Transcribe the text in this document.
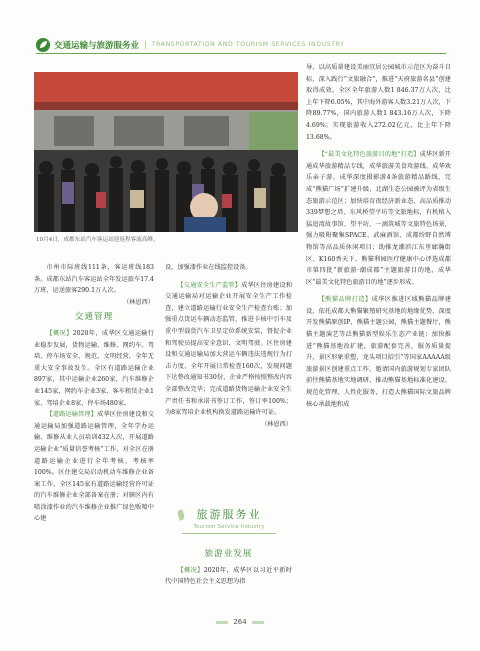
交通运输与旅游服务业 | TRANSPORTATION AND TOURISM SERVICES INDUSTRY
10月4日，成都东站汽车客运站迎返程客流高峰。

市州市际班线111条，客运班线183条。成都东站汽车客运站全年发运旅车17.4万班，运送旅客290.1万人次。

（林恩西）

交通管理

【概况】2020年，成华区交通运输行业稳步发展，货物运输、维修、网约车、驾培、停车场安全、规范、文明经营，全年无重大安全事故发生。全区有道路运输企业897家，其中运输企业260家，汽车维修企业145家，网约车企业3家、客车租赁企业1家、驾培企业8家，停车场480家。

【道路运输管理】成华区住房建设和交通运输局加强道路运输管理，全年学办运输、维修从业人员培训432人次，开展道路运输企业“质量信誉考核”工作，对全区在册道路运输企业进行全年考核，考核率100%。区住建交局启动机动车维修企业备案工作，全区145家有道路运输经营许可证的汽车维修企业全部备案在册；对辖区内有喷涂漆作业的汽车维修企业推广绿色贩喷中心建

设，加强漆作业在线监控设备。

【交通安全生产监管】成华区住房建设和交通运输局对运输企业开展安全生产工作检查，建立道路运输行业安全生产检查台账；加强重点货运车辆动态监管，推进卡核中引车及重中型载货汽车卫星定位系统安装，督促企业和驾驶员提高安全意识、文明驾驶。区住房建设和交通运输局加大营运车辆违法违规行为打击力度，全年开展日常检查160次，发现问题下达整改通知书30份，企业严格按照整改内容全部整改完毕；完成道路货物运输企业安全生产责任书和承诺书签订工作，签订率100%；为8家驾培企业机构换发道路运输许可证。

（林恩西）

旅游服务业
Tourism Service Industry
旅游业发展

【概况】2020年，成华区以习近平新时代中国特色社会主义思想为指

导，以高质量建设美丽宜居公园城市示范区为奋斗目标，深入践行“文旅融合”，推进“天府旅游名县”创建取得成效。全区全年旅游人数1 846.37万人次，比上年下降6.05%，其中海外游客人数3.21万人次，下降89.77%，国内旅游人数1 843.16万人次，下降4.69%；实现旅游收入272.02亿元，比上年下降13.68%。

【“最美文化特色旅游目的地”打造】成华区新开通成华旅游精品专线，成华旅游美食攻游线、成华欢乐亲子游，成华深度摄影游4条旅游精品路线，完成“熊猫广场”扩建升级，北湖生态公园被评为省级生态旅游示范区；加快培育夜经济新业态，高品质推动339梦想之塔、东风桥望平坊等文旅地标，有机植入猛追湾故事馆、望平坊、一滴筑城等文旅特色场景，强力吸附聚集SPACE、武麻酒馆、成都纷野自然博物馆等高品质休闲项目；助推龙潮滨江东里廊瀚街区、K160香天下、熊猫利园医疗健康中心评选成都市第四批“新旅游·潮成都”主题旅游目的地，成华区“最美文化特色旅游目的地”逐步形成。

【熊猫品牌打造】成华区推进区域熊猫品牌建设，依托成都大熊猫繁殖研究基地的地缘优势，深度开发熊猫原创IP，熊猫主题公园，熊猫主题餐厅，熊猫主题演艺等泛熊猫新型娱乐生态产业链；加快推进“熊猫基地改扩建，旅游配套完善，服务质量提升，景区形象重塑，龙头项目招引”等国家AAAAA级旅游景区创建重点工作，邀请国内旅游规划专家团队前往熊猫基地实地调研，推动熊猫基地标准化建设、规范化管理、人性化服务，打造大熊猫国际文旅品牌核心承载地和成

264
